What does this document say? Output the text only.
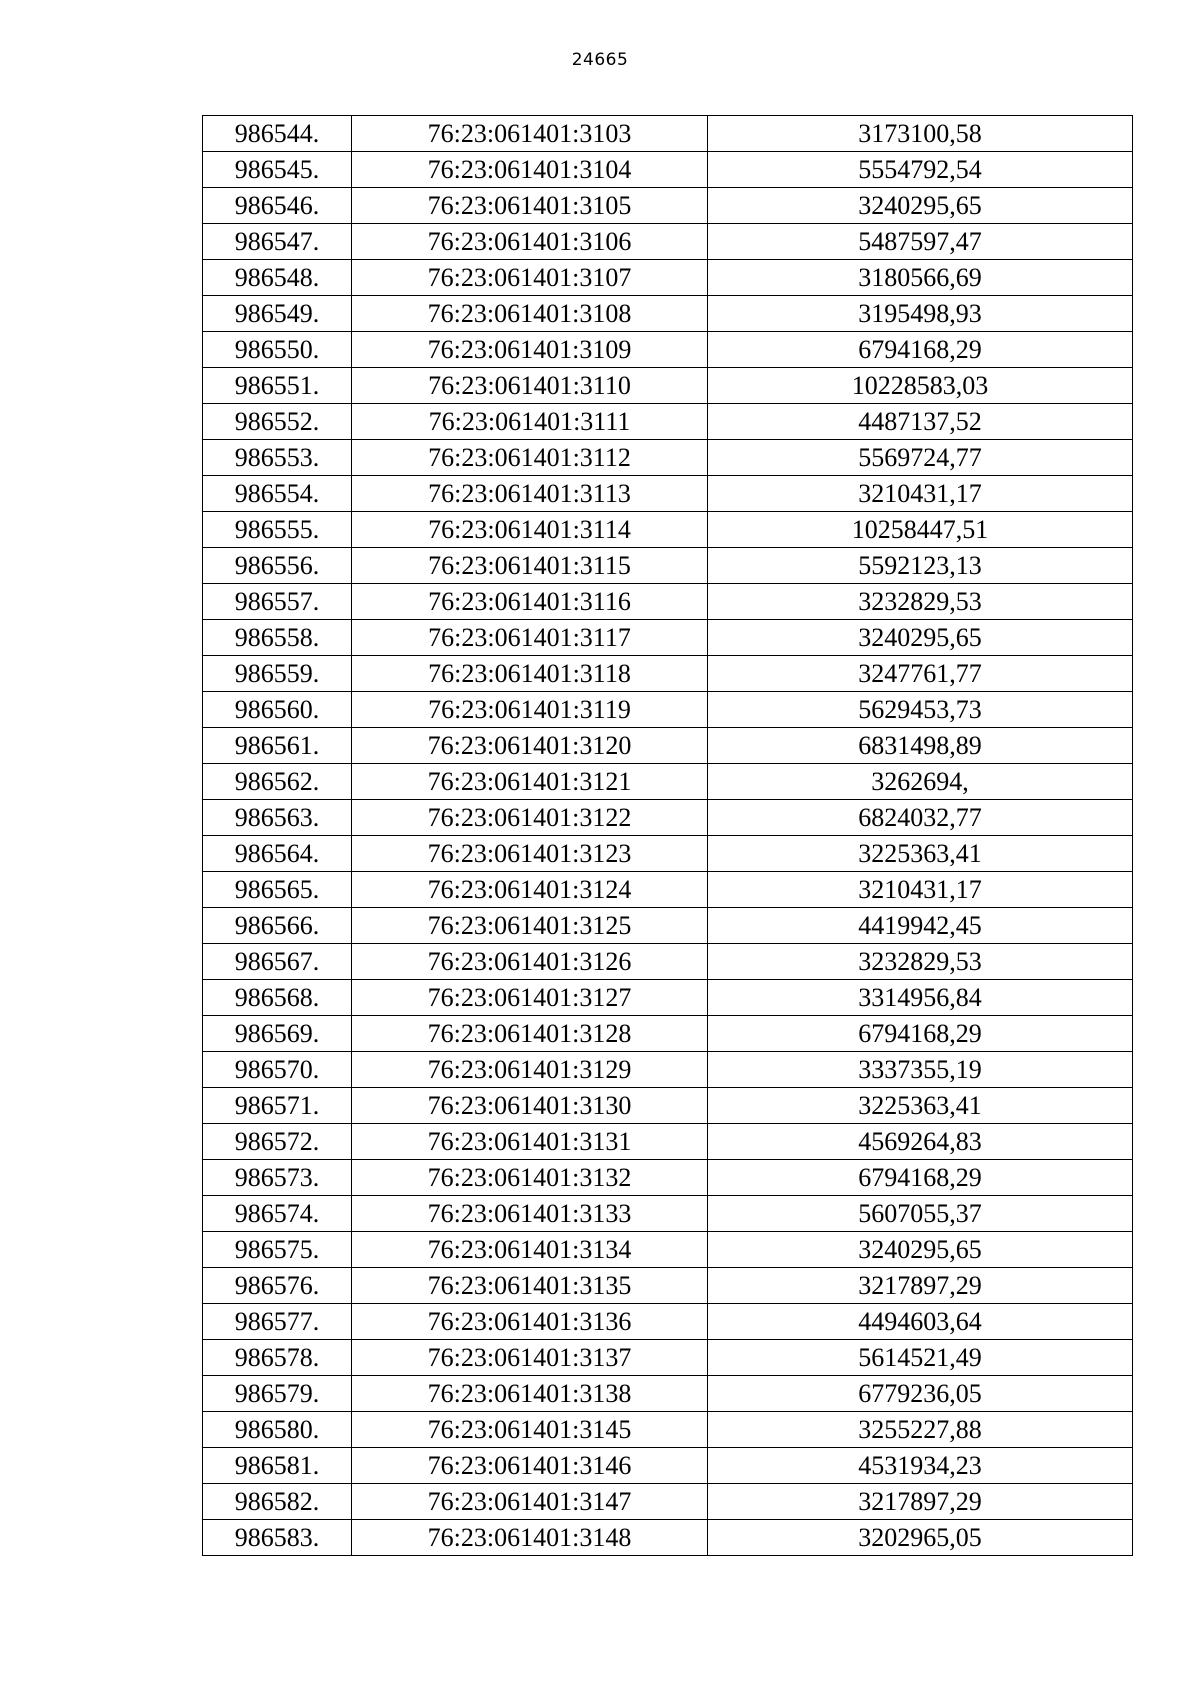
24665
986544.	76:23:061401:3103	3173100,58
986545.	76:23:061401:3104	5554792,54
986546.	76:23:061401:3105	3240295,65
986547.	76:23:061401:3106	5487597,47
986548.	76:23:061401:3107	3180566,69
986549.	76:23:061401:3108	3195498,93
986550.	76:23:061401:3109	6794168,29
986551.	76:23:061401:3110	10228583,03
986552.	76:23:061401:3111	4487137,52
986553.	76:23:061401:3112	5569724,77
986554.	76:23:061401:3113	3210431,17
986555.	76:23:061401:3114	10258447,51
986556.	76:23:061401:3115	5592123,13
986557.	76:23:061401:3116	3232829,53
986558.	76:23:061401:3117	3240295,65
986559.	76:23:061401:3118	3247761,77
986560.	76:23:061401:3119	5629453,73
986561.	76:23:061401:3120	6831498,89
986562.	76:23:061401:3121	3262694,
986563.	76:23:061401:3122	6824032,77
986564.	76:23:061401:3123	3225363,41
986565.	76:23:061401:3124	3210431,17
986566.	76:23:061401:3125	4419942,45
986567.	76:23:061401:3126	3232829,53
986568.	76:23:061401:3127	3314956,84
986569.	76:23:061401:3128	6794168,29
986570.	76:23:061401:3129	3337355,19
986571.	76:23:061401:3130	3225363,41
986572.	76:23:061401:3131	4569264,83
986573.	76:23:061401:3132	6794168,29
986574.	76:23:061401:3133	5607055,37
986575.	76:23:061401:3134	3240295,65
986576.	76:23:061401:3135	3217897,29
986577.	76:23:061401:3136	4494603,64
986578.	76:23:061401:3137	5614521,49
986579.	76:23:061401:3138	6779236,05
986580.	76:23:061401:3145	3255227,88
986581.	76:23:061401:3146	4531934,23
986582.	76:23:061401:3147	3217897,29
986583.	76:23:061401:3148	3202965,05
